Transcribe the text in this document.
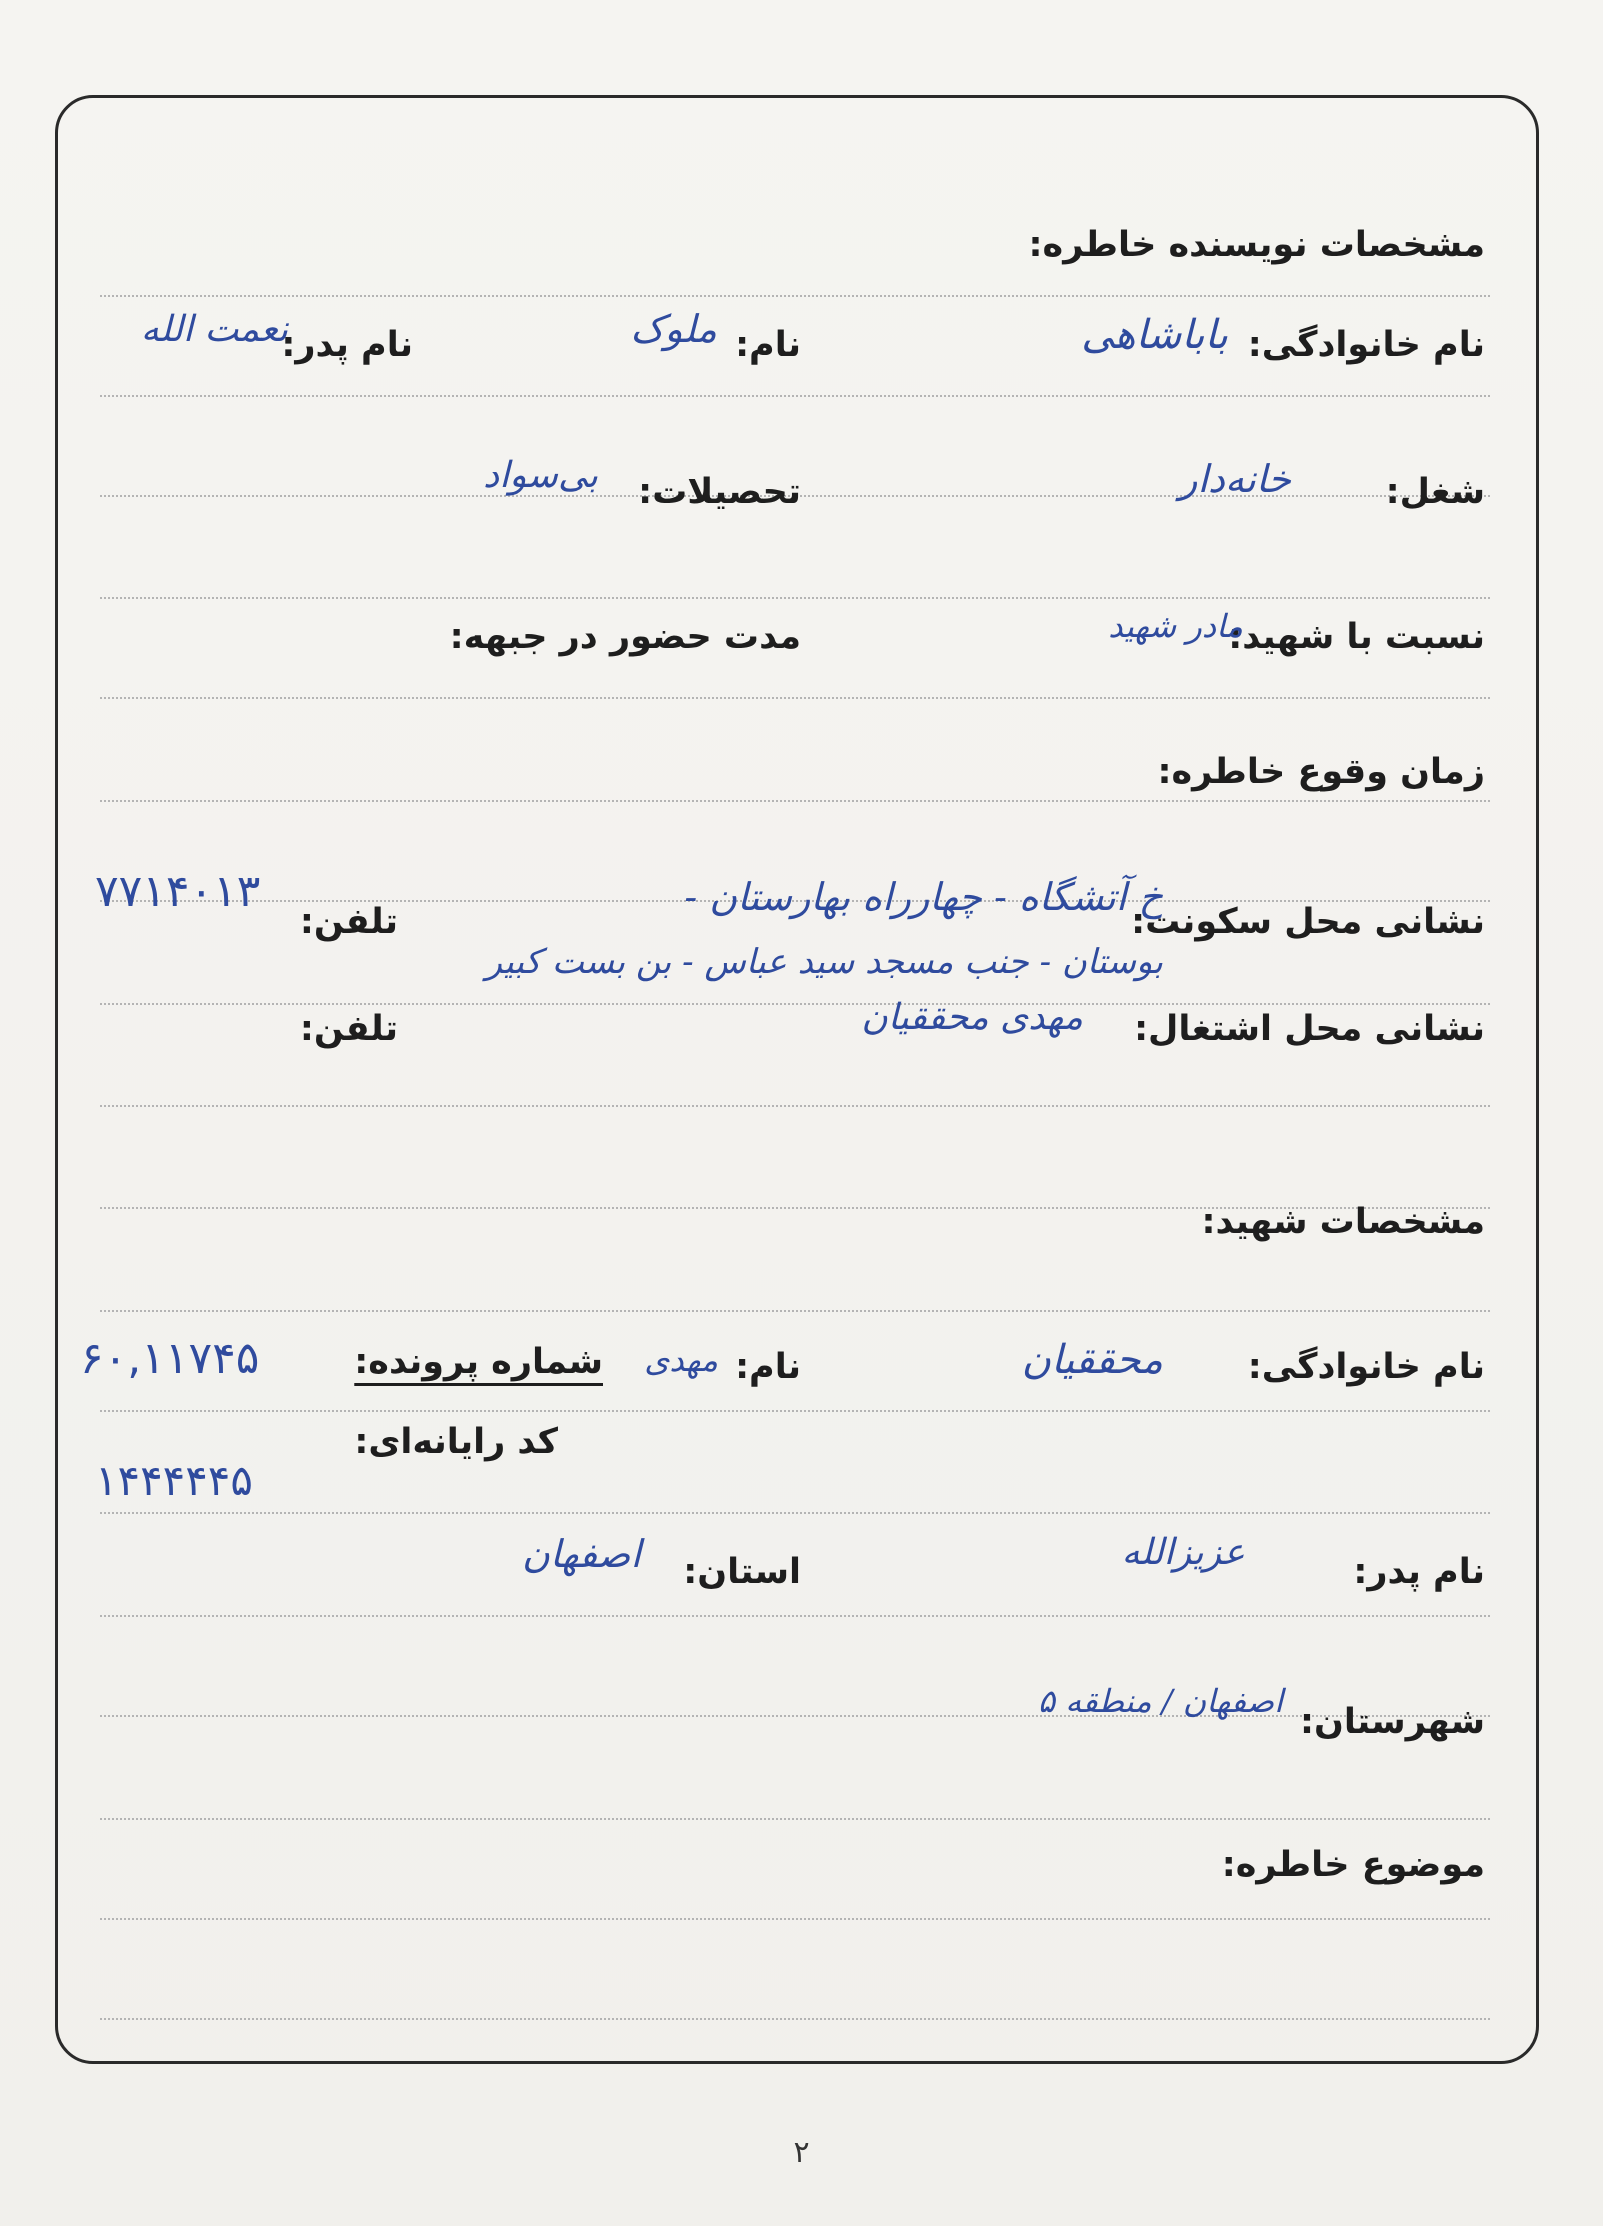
مشخصات نویسنده خاطره:
نام خانوادگی:
باباشاهی
نام:
ملوک
نام پدر:
نعمت الله
شغل:
خانه‌دار
تحصیلات:
بی‌سواد
نسبت با شهید:
مادر شهید
مدت حضور در جبهه:
زمان وقوع خاطره:
نشانی محل سکونت:
خ آتشگاه - چهارراه بهارستان -
تلفن:
۷۷۱۴۰۱۳
بوستان - جنب مسجد سید عباس - بن بست کبیر
نشانی محل اشتغال:
مهدی محققیان
تلفن:
مشخصات شهید:
نام خانوادگی:
محققیان
نام:
مهدی
شماره پرونده:
۶۰,۱۱۷۴۵
کد رایانه‌ای:
۱۴۴۴۴۴۵
نام پدر:
عزیزالله
استان:
اصفهان
شهرستان:
اصفهان / منطقه ۵
موضوع خاطره:
۲
